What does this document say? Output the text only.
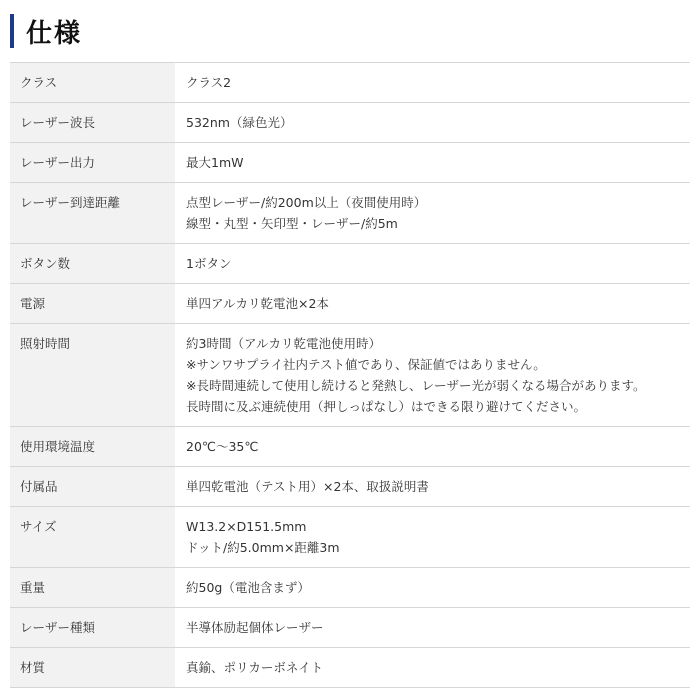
仕様
クラス	クラス2

レーザー波長	532nm（緑色光）

レーザー出力	最大1mW

レーザー到達距離	点型レーザー/約200m以上（夜間使用時）
線型・丸型・矢印型・レーザー/約5m

ボタン数	1ボタン

電源	単四アルカリ乾電池×2本

照射時間	約3時間（アルカリ乾電池使用時）
※サンワサプライ社内テスト値であり、保証値ではありません。
※長時間連続して使用し続けると発熱し、レーザー光が弱くなる場合があります。
長時間に及ぶ連続使用（押しっぱなし）はできる限り避けてください。

使用環境温度	20℃～35℃

付属品	単四乾電池（テスト用）×2本、取扱説明書

サイズ	W13.2×D151.5mm
ドット/約5.0mm×距離3m

重量	約50g（電池含まず）

レーザー種類	半導体励起個体レーザー

材質	真鍮、ポリカーボネイト
